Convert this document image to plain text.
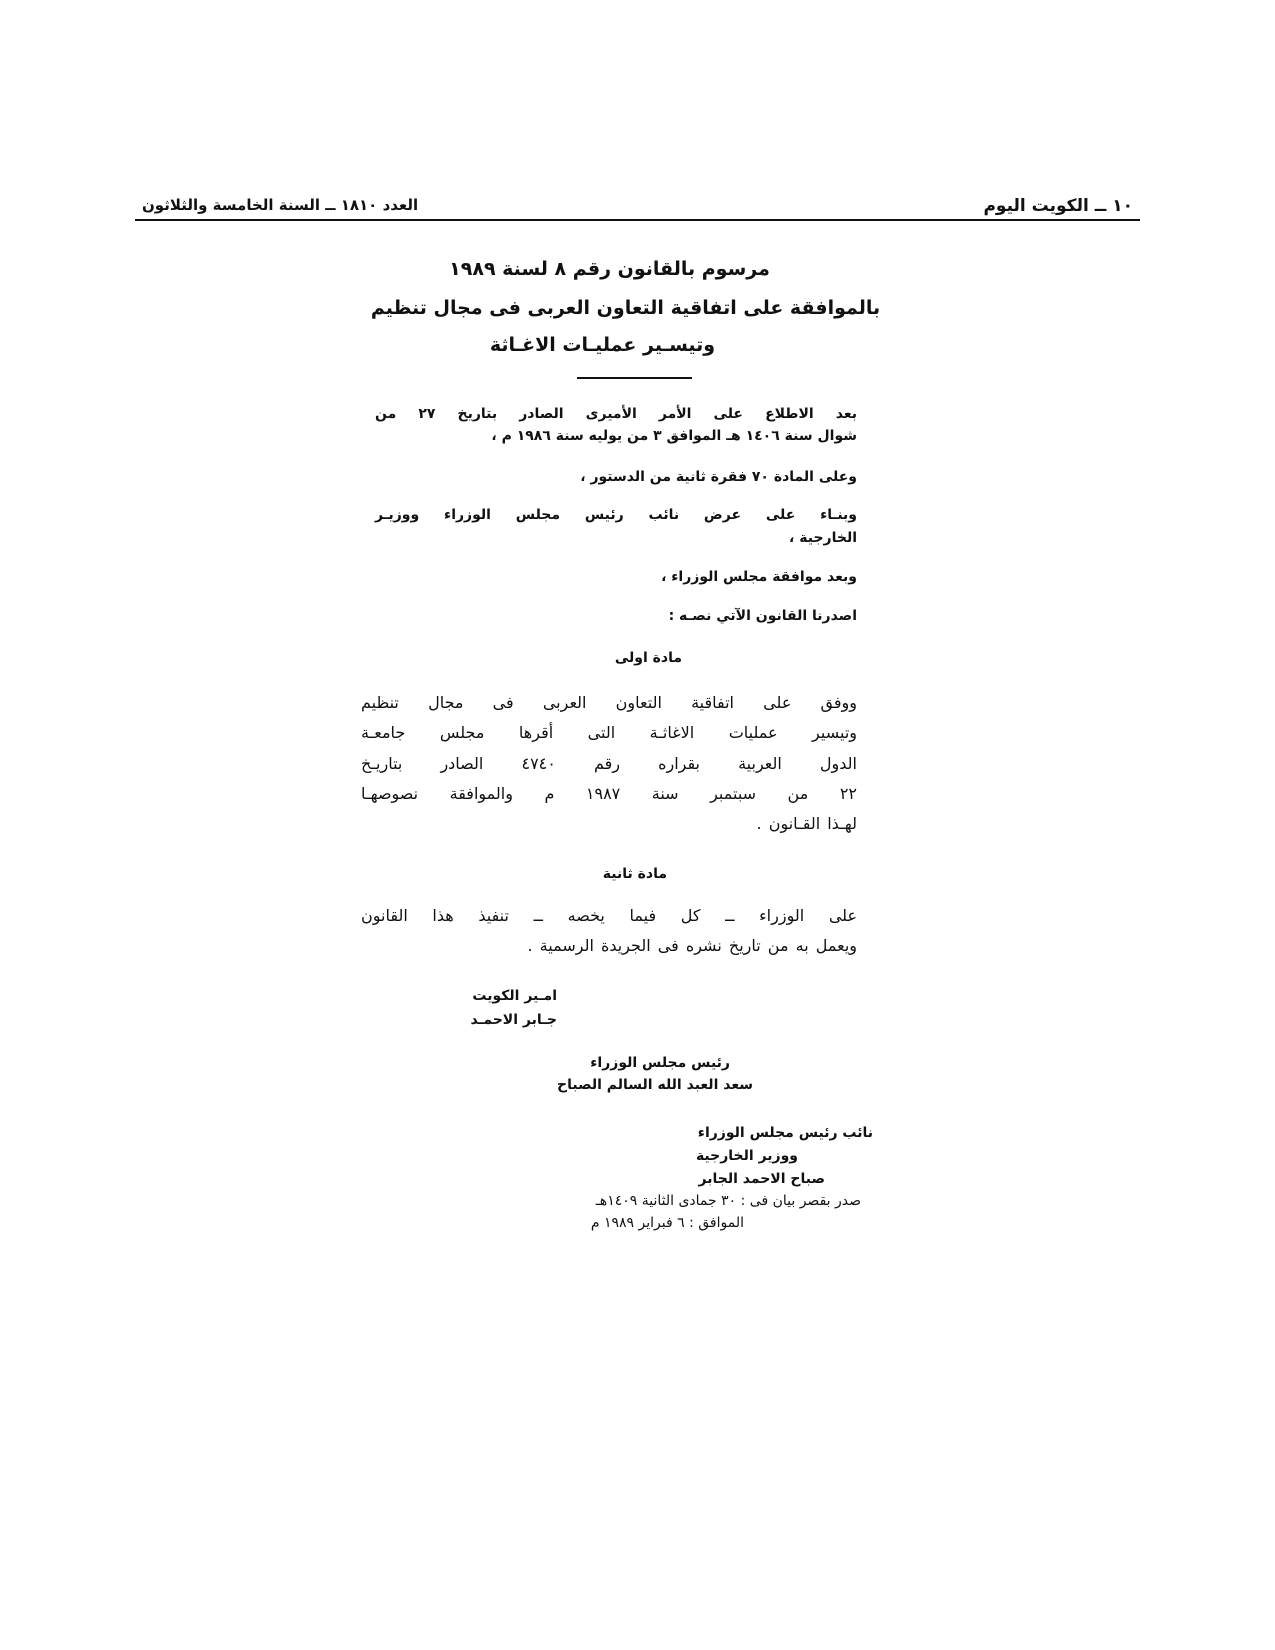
١٠ ــ الكويت اليوم

العدد ١٨١٠ ــ السنة الخامسة والثلاثون

مرسوم بالقانون رقم ٨ لسنة ١٩٨٩

بالموافقة على اتفاقية التعاون العربى فى مجال تنظيم

وتيسـير عمليـات الاغـاثة

بعد الاطلاع على الأمر الأميرى الصادر بتاريخ ٢٧ من

شوال سنة ١٤٠٦ هـ الموافق ٣ من يوليه سنة ١٩٨٦ م ،

وعلى المادة ٧٠ فقرة ثانية من الدستور ،

وبنـاء على عرض نائب رئيس مجلس الوزراء ووزيـر

الخارجية ،

وبعد موافقة مجلس الوزراء ،

اصدرنا القانون الآتي نصـه :

مادة اولى

ووفق على اتفاقية التعاون العربى فى مجال تنظيم

وتيسير عمليات الاغاثـة التى أقرها مجلس جامعـة

الدول العربية بقراره رقم ٤٧٤٠ الصادر بتاريـخ

٢٢ من سبتمبر سنة ١٩٨٧ م والموافقة نصوصهـا

لهـذا القـانون .

مادة ثانية

على الوزراء ــ كل فيما يخصه ــ تنفيذ هذا القانون

ويعمل به من تاريخ نشره فى الجريدة الرسمية .

امـير الكويت

جـابر الاحمـد

رئيس مجلس الوزراء

سعد العبد الله السالم الصباح

نائب رئيس مجلس الوزراء

ووزير الخارجية

صباح الاحمد الجابر

صدر بقصر بيان فى : ٣٠ جمادى الثانية ١٤٠٩هـ

الموافق : ٦ فبراير ١٩٨٩ م
